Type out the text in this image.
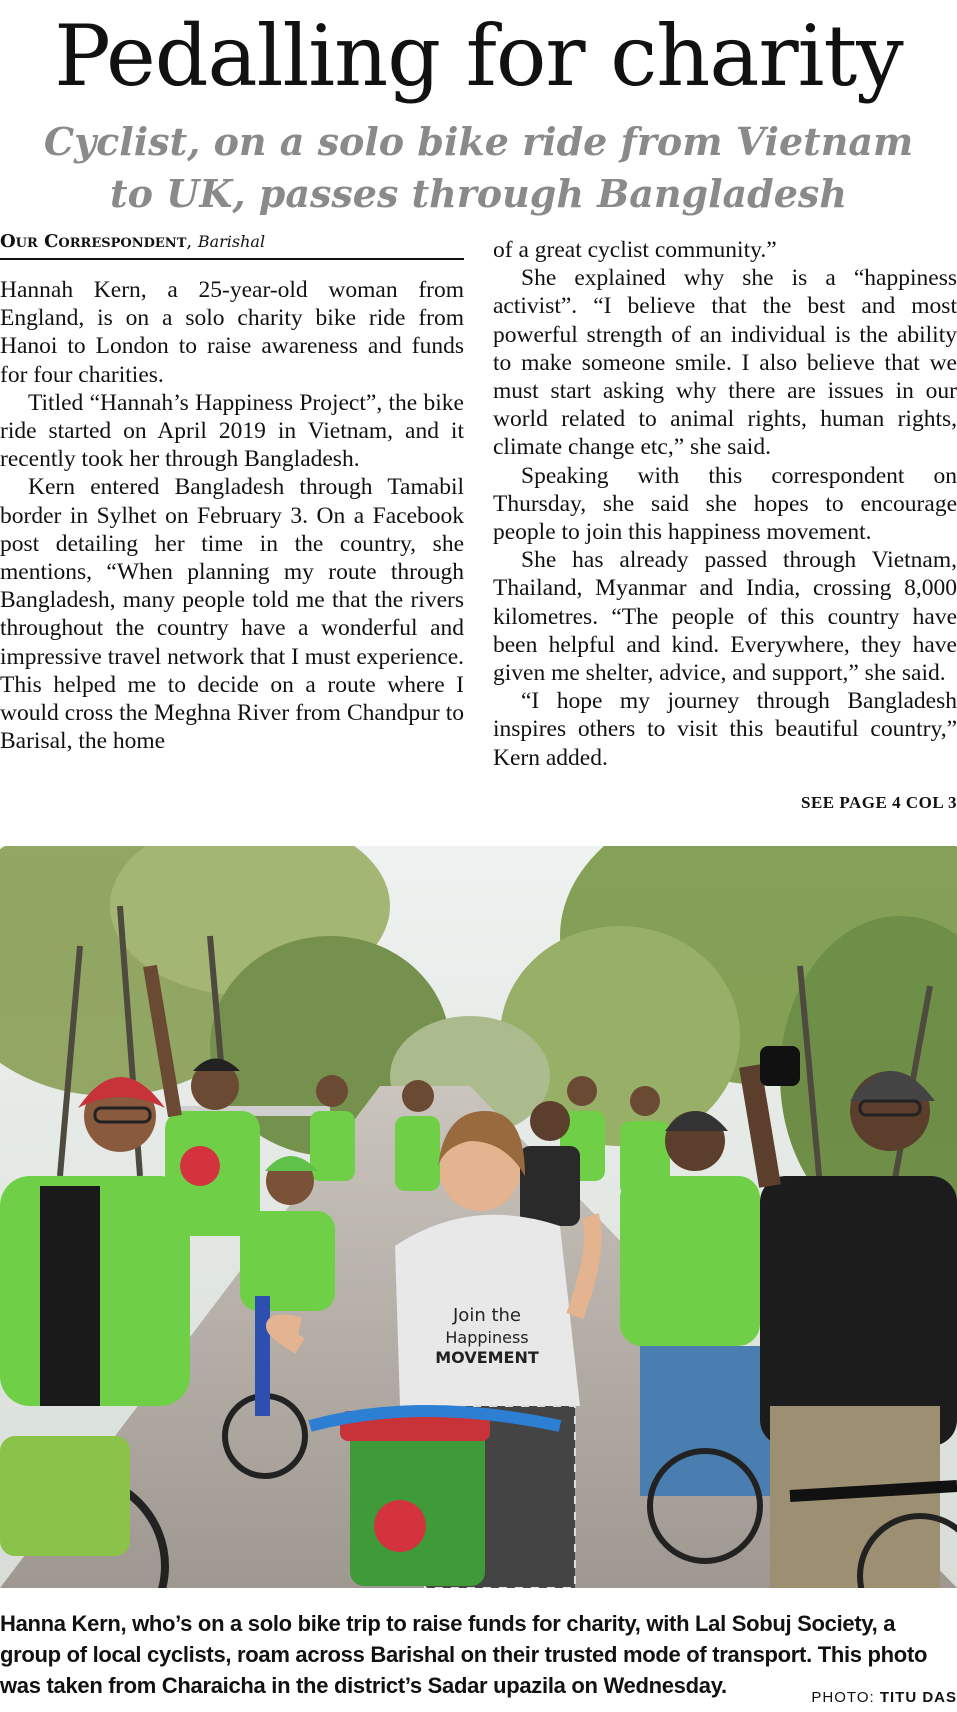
Pedalling for charity
Cyclist, on a solo bike ride from Vietnam
to UK, passes through Bangladesh
Our Correspondent, Barishal

Hannah Kern, a 25-year-old woman from England, is on a solo charity bike ride from Hanoi to London to raise awareness and funds for four charities.

Titled “Hannah’s Happiness Project”, the bike ride started on April 2019 in Vietnam, and it recently took her through Bangladesh.

Kern entered Bangladesh through Tamabil border in Sylhet on February 3. On a Facebook post detailing her time in the country, she mentions, “When planning my route through Bangladesh, many people told me that the rivers throughout the country have a wonderful and impressive travel network that I must experience. This helped me to decide on a route where I would cross the Meghna River from Chandpur to Barisal, the home

of a great cyclist community.”

She explained why she is a “happiness activist”. “I believe that the best and most powerful strength of an individual is the ability to make someone smile. I also believe that we must start asking why there are issues in our world related to animal rights, human rights, climate change etc,” she said.

Speaking with this correspondent on Thursday, she said she hopes to encourage people to join this happiness movement.

She has already passed through Vietnam, Thailand, Myanmar and India, crossing 8,000 kilometres. “The people of this country have been helpful and kind. Everywhere, they have given me shelter, advice, and support,” she said.

“I hope my journey through Bangladesh inspires others to visit this beautiful country,” Kern added.

SEE PAGE 4 COL 3
Join the
Happiness
MOVEMENT
Hanna Kern, who’s on a solo bike trip to raise funds for charity, with Lal Sobuj Society, a group of local cyclists, roam across Barishal on their trusted mode of transport. This photo was taken from Charaicha in the district’s Sadar upazila on Wednesday.	PHOTO: TITU DAS
